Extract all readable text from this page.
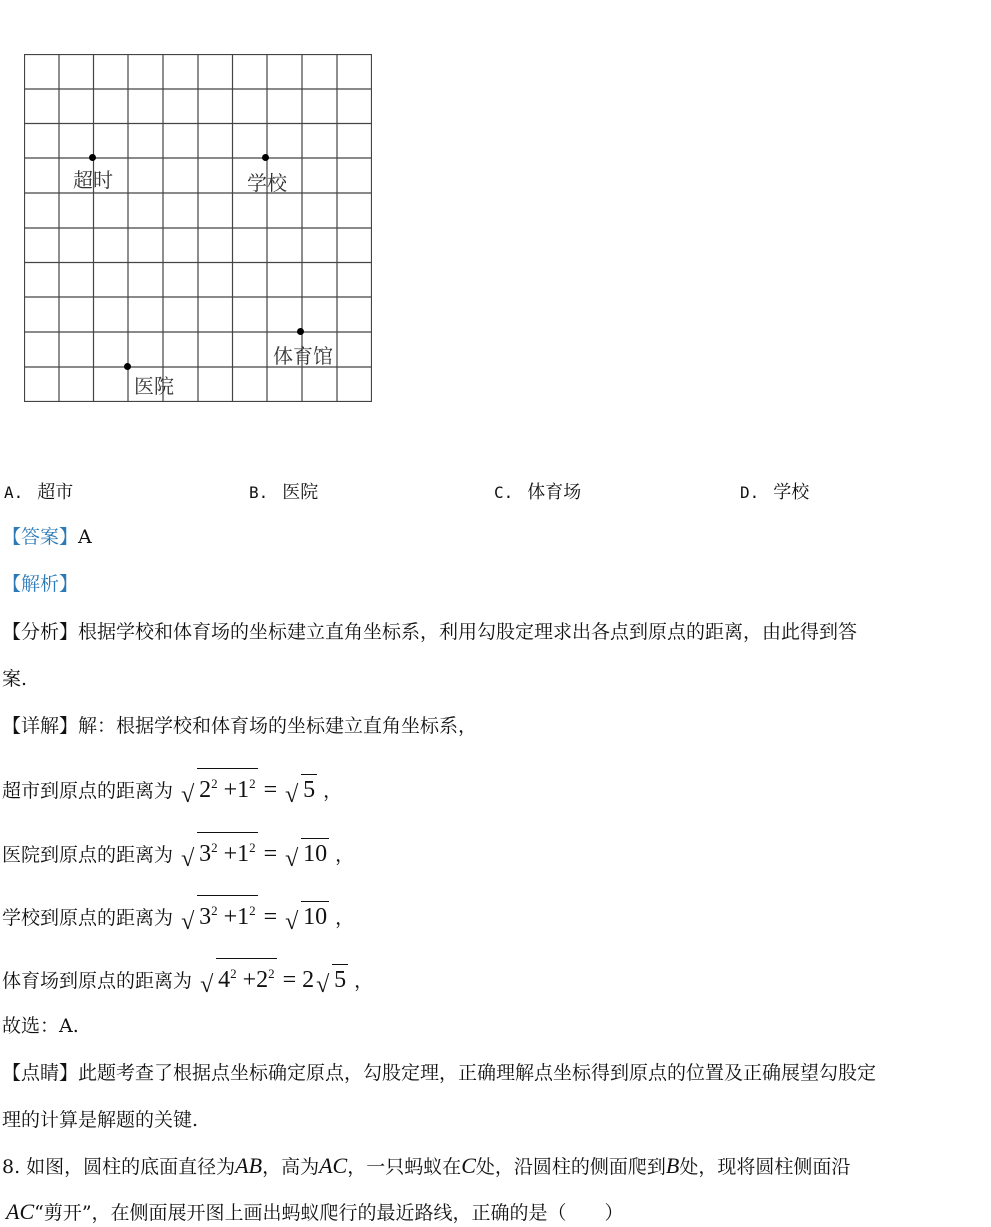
超时	学校
体育馆
医院
A. 超市	B. 医院	C. 体育场	D. 学校
【答案】A
【解析】
【分析】根据学校和体育场的坐标建立直角坐标系，利用勾股定理求出各点到原点的距离，由此得到答
案.
【详解】解：根据学校和体育场的坐标建立直角坐标系，
超市到原点的距离为 √ $2^2 +1^2$ = √ 5 ，
医院到原点的距离为 √ $3^2 +1^2$ = √ 10 ，
学校到原点的距离为 √ $3^2 +1^2$ = √ 10 ，
体育场到原点的距离为 √ $4^2 +2^2 = 2$ √ 5 ，
故选：A.
【点睛】此题考查了根据点坐标确定原点，勾股定理，正确理解点坐标得到原点的位置及正确展望勾股定
理的计算是解题的关键.
8. 如图，圆柱的底面直径为AB，高为AC，一只蚂蚁在C处，沿圆柱的侧面爬到B处，现将圆柱侧面沿
AC“剪开”，在侧面展开图上画出蚂蚁爬行的最近路线，正确的是（　　）
